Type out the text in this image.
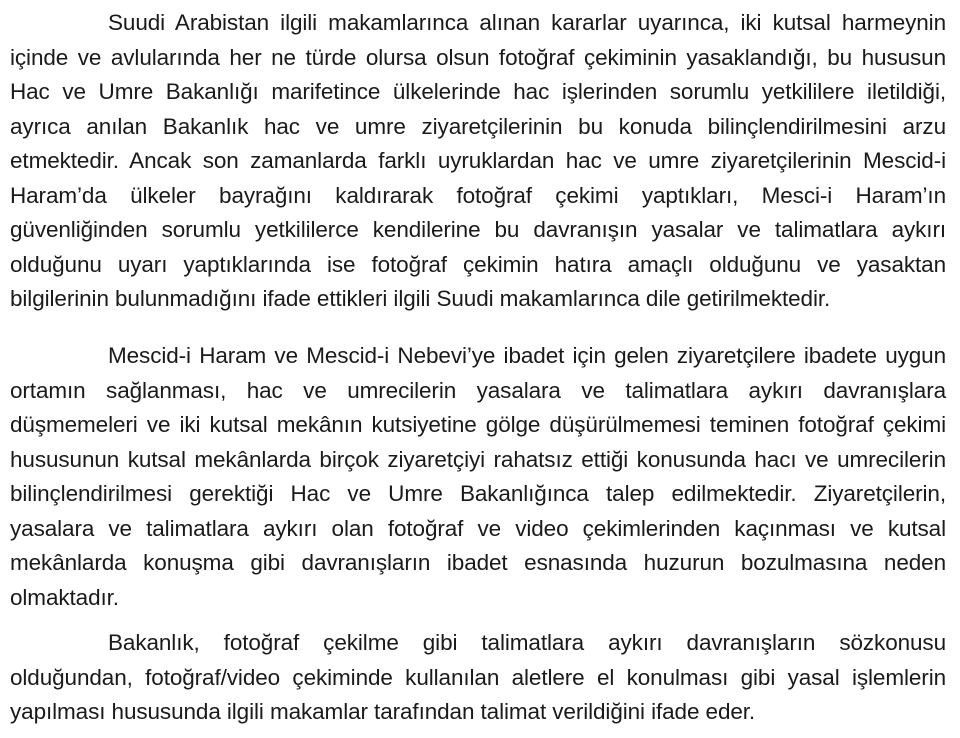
Suudi Arabistan ilgili makamlarınca alınan kararlar uyarınca, iki kutsal harmeynin içinde ve avlularında her ne türde olursa olsun fotoğraf çekiminin yasaklandığı, bu hususun Hac ve Umre Bakanlığı marifetince ülkelerinde hac işlerinden sorumlu yetkililere iletildiği, ayrıca anılan Bakanlık hac ve umre ziyaretçilerinin bu konuda bilinçlendirilmesini arzu etmektedir. Ancak son zamanlarda farklı uyruklardan hac ve umre ziyaretçilerinin Mescid-i Haram’da ülkeler bayrağını kaldırarak fotoğraf çekimi yaptıkları, Mesci-i Haram’ın güvenliğinden sorumlu yetkililerce kendilerine bu davranışın yasalar ve talimatlara aykırı olduğunu uyarı yaptıklarında ise fotoğraf çekimin hatıra amaçlı olduğunu ve yasaktan bilgilerinin bulunmadığını ifade ettikleri ilgili Suudi makamlarınca dile getirilmektedir.

Mescid-i Haram ve Mescid-i Nebevi’ye ibadet için gelen ziyaretçilere ibadete uygun ortamın sağlanması, hac ve umrecilerin yasalara ve talimatlara aykırı davranışlara düşmemeleri ve iki kutsal mekânın kutsiyetine gölge düşürülmemesi teminen fotoğraf çekimi hususunun kutsal mekânlarda birçok ziyaretçiyi rahatsız ettiği konusunda hacı ve umrecilerin bilinçlendirilmesi gerektiği Hac ve Umre Bakanlığınca talep edilmektedir. Ziyaretçilerin, yasalara ve talimatlara aykırı olan fotoğraf ve video çekimlerinden kaçınması ve kutsal mekânlarda konuşma gibi davranışların ibadet esnasında huzurun bozulmasına neden olmaktadır.

Bakanlık, fotoğraf çekilme gibi talimatlara aykırı davranışların sözkonusu olduğundan, fotoğraf/video çekiminde kullanılan aletlere el konulması gibi yasal işlemlerin yapılması hususunda ilgili makamlar tarafından talimat verildiğini ifade eder.
